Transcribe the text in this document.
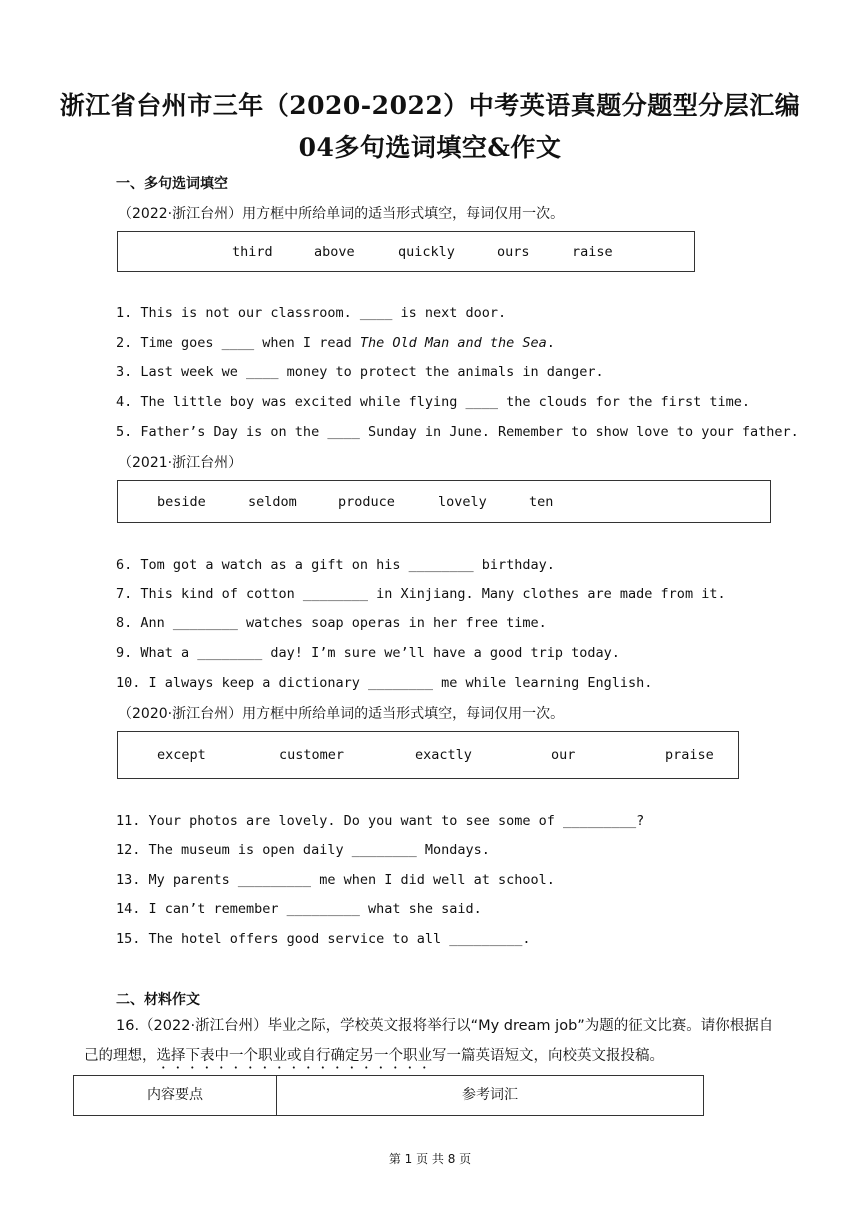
浙江省台州市三年（2020-2022）中考英语真题分题型分层汇编
04多句选词填空&作文
一、多句选词填空
（2022·浙江台州）用方框中所给单词的适当形式填空，每词仅用一次。
third	above	quickly	ours	raise
1. This is not our classroom. ____ is next door.
2. Time goes ____ when I read The Old Man and the Sea.
3. Last week we ____ money to protect the animals in danger.
4. The little boy was excited while flying ____ the clouds for the first time.
5. Father’s Day is on the ____ Sunday in June. Remember to show love to your father.
（2021·浙江台州）
beside	seldom	produce	lovely	ten
6. Tom got a watch as a gift on his ________ birthday.
7. This kind of cotton ________ in Xinjiang. Many clothes are made from it.
8. Ann ________ watches soap operas in her free time.
9. What a ________ day! I’m sure we’ll have a good trip today.
10. I always keep a dictionary ________ me while learning English.
（2020·浙江台州）用方框中所给单词的适当形式填空，每词仅用一次。
except	customer	exactly	our	praise
11. Your photos are lovely. Do you want to see some of _________?
12. The museum is open daily ________ Mondays.
13. My parents _________ me when I did well at school.
14. I can’t remember _________ what she said.
15. The hotel offers good service to all _________.
二、材料作文
16.（2022·浙江台州）毕业之际，学校英文报将举行以“My dream job”为题的征文比赛。请你根据自己的理想，选择下表中一个职业或自行确定另一个职业写一篇英语短文，向校英文报投稿。
内容要点	参考词汇
第 1 页 共 8 页
